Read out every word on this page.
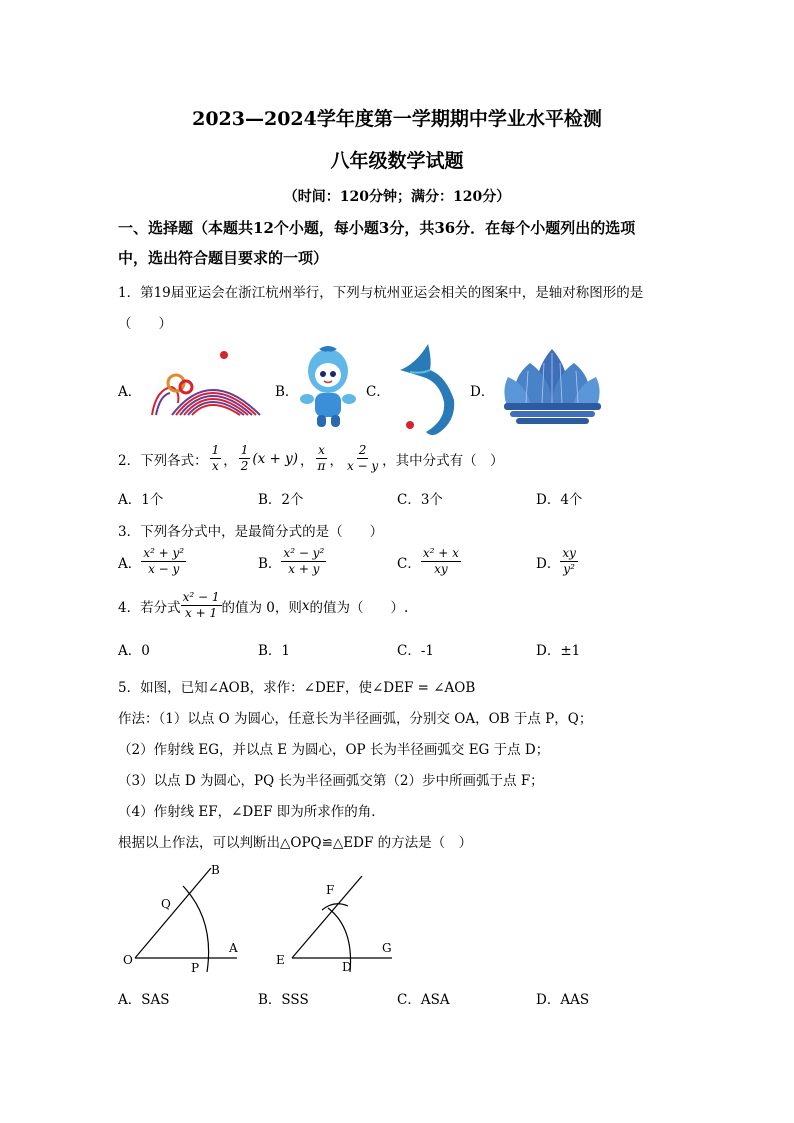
2023—2024学年度第一学期期中学业水平检测
八年级数学试题
（时间：120分钟；满分：120分）
一、选择题（本题共12个小题，每小题3分，共36分．在每个小题列出的选项
中，选出符合题目要求的一项）
1．第19届亚运会在浙江杭州举行，下列与杭州亚运会相关的图案中，是轴对称图形的是
（　　）
A．	B．	C．	D．
2．下列各式： $\frac{1}{x}$ ， $\frac{1}{2} (x + y)$ ， $\frac{x}{\pi}$ ， $\frac{2}{x - y}$ ，其中分式有（　）
A．1个	B．2个	C．3个	D．4个
3．下列各分式中，是最简分式的是（　　）
A． $\frac{\text{x² + y²}}{x - y}$	B． $\frac{\text{x² − y²}}{x + y}$	C． $\frac{\text{x² + x}}{xy}$	D． $\frac{xy}{\text{y²}}$
4．若分式 $\frac{\text{x² − 1}}{x + 1}$ 的值为 0，则 x 的值为（　　）.
A．0	B．1	C．-1	D．±1
5．如图，已知∠AOB，求作：∠DEF，使∠DEF = ∠AOB
作法：（1）以点 O 为圆心，任意长为半径画弧，分别交 OA，OB 于点 P，Q；
（2）作射线 EG，并以点 E 为圆心，OP 长为半径画弧交 EG 于点 D；
（3）以点 D 为圆心，PQ 长为半径画弧交第（2）步中所画弧于点 F；
（4）作射线 EF，∠DEF 即为所求作的角．
根据以上作法，可以判断出△OPQ≌△EDF 的方法是（　）
B
Q
O
P
A
F
E	D
G
A．SAS	B．SSS	C．ASA	D．AAS
